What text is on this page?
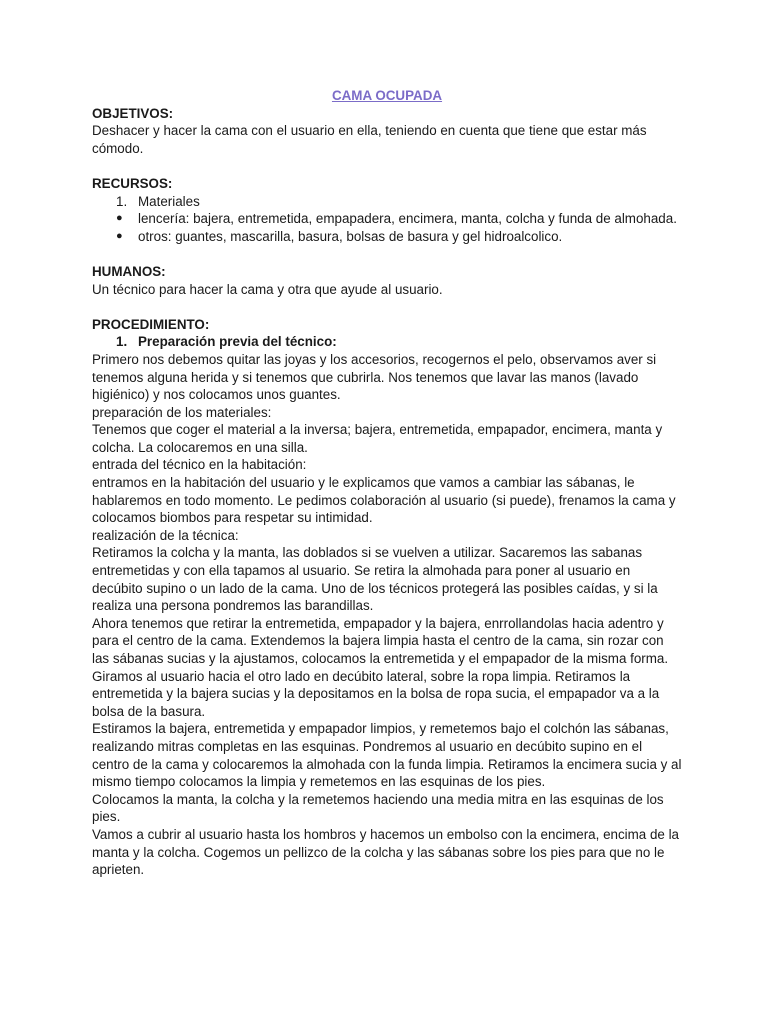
CAMA OCUPADA

OBJETIVOS:

Deshacer y hacer la cama con el usuario en ella, teniendo en cuenta que tiene que estar más cómodo.

RECURSOS:

1. Materiales
● lencería: bajera, entremetida, empapadera, encimera, manta, colcha y funda de almohada.
● otros: guantes, mascarilla, basura, bolsas de basura y gel hidroalcolico.

HUMANOS:

Un técnico para hacer la cama y otra que ayude al usuario.

PROCEDIMIENTO:

1. Preparación previa del técnico:

Primero nos debemos quitar las joyas y los accesorios, recogernos el pelo, observamos aver si tenemos alguna herida y si tenemos que cubrirla. Nos tenemos que lavar las manos (lavado higiénico) y nos colocamos unos guantes.

preparación de los materiales:

Tenemos que coger el material a la inversa; bajera, entremetida, empapador, encimera, manta y colcha. La colocaremos en una silla.

entrada del técnico en la habitación:

entramos en la habitación del usuario y le explicamos que vamos a cambiar las sábanas, le hablaremos en todo momento. Le pedimos colaboración al usuario (si puede), frenamos la cama y colocamos biombos para respetar su intimidad.

realización de la técnica:

Retiramos la colcha y la manta, las doblados si se vuelven a utilizar. Sacaremos las sabanas entremetidas y con ella tapamos al usuario. Se retira la almohada para poner al usuario en decúbito supino o un lado de la cama. Uno de los técnicos protegerá las posibles caídas, y si la realiza una persona pondremos las barandillas.

Ahora tenemos que retirar la entremetida, empapador y la bajera, enrrollandolas hacia adentro y para el centro de la cama. Extendemos la bajera limpia hasta el centro de la cama, sin rozar con las sábanas sucias y la ajustamos, colocamos la entremetida y el empapador de la misma forma.

Giramos al usuario hacia el otro lado en decúbito lateral, sobre la ropa limpia. Retiramos la entremetida y la bajera sucias y la depositamos en la bolsa de ropa sucia, el empapador va a la bolsa de la basura.

Estiramos la bajera, entremetida y empapador limpios, y remetemos bajo el colchón las sábanas, realizando mitras completas en las esquinas. Pondremos al usuario en decúbito supino en el centro de la cama y colocaremos la almohada con la funda limpia. Retiramos la encimera sucia y al mismo tiempo colocamos la limpia y remetemos en las esquinas de los pies.

Colocamos la manta, la colcha y la remetemos haciendo una media mitra en las esquinas de los pies.

Vamos a cubrir al usuario hasta los hombros y hacemos un embolso con la encimera, encima de la manta y la colcha. Cogemos un pellizco de la colcha y las sábanas sobre los pies para que no le aprieten.
